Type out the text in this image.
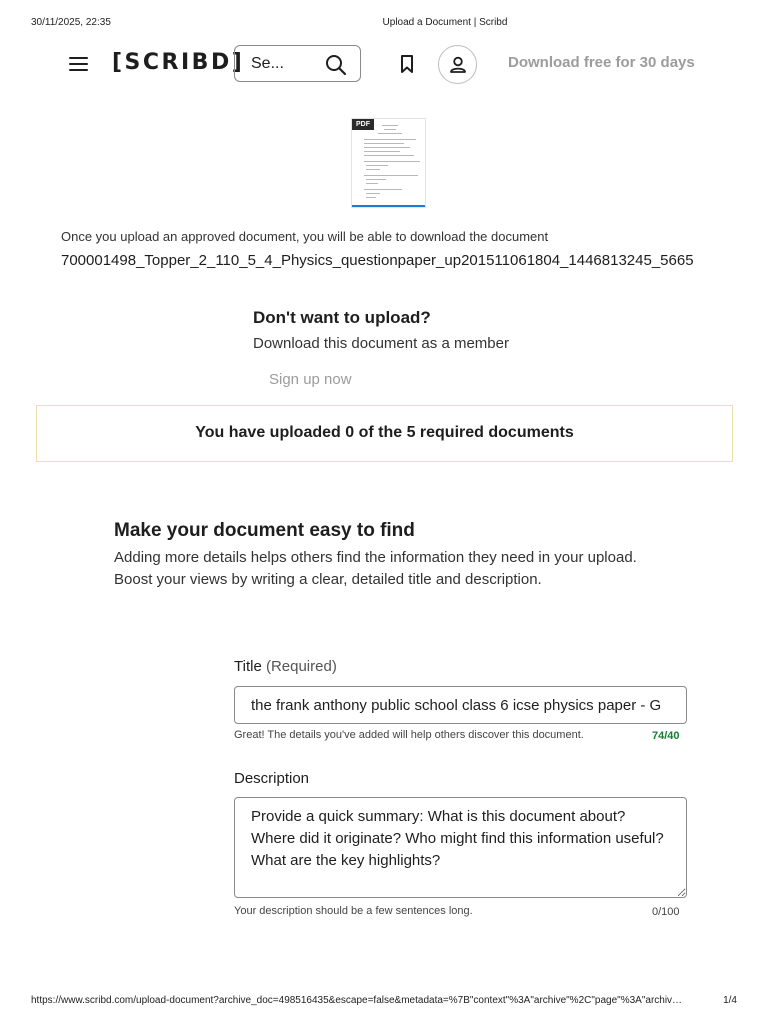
30/11/2025, 22:35	Upload a Document | Scribd
[SCRIBD] Se...	Download free for 30 days
PDF
Once you upload an approved document, you will be able to download the document
700001498_Topper_2_110_5_4_Physics_questionpaper_up201511061804_1446813245_5665
Don't want to upload?
Download this document as a member
Sign up now
You have uploaded 0 of the 5 required documents
Make your document easy to find
Adding more details helps others find the information they need in your upload.
Boost your views by writing a clear, detailed title and description.
Title (Required)
the frank anthony public school class 6 icse physics paper - G
Great! The details you've added will help others discover this document.	74/40
Description
Provide a quick summary: What is this document about? Where did it originate? Who might find this information useful? What are the key highlights?
Your description should be a few sentences long.	0/100
https://www.scribd.com/upload-document?archive_doc=498516435&escape=false&metadata=%7B"context"%3A"archive"%2C"page"%3A"archiv…	1/4
